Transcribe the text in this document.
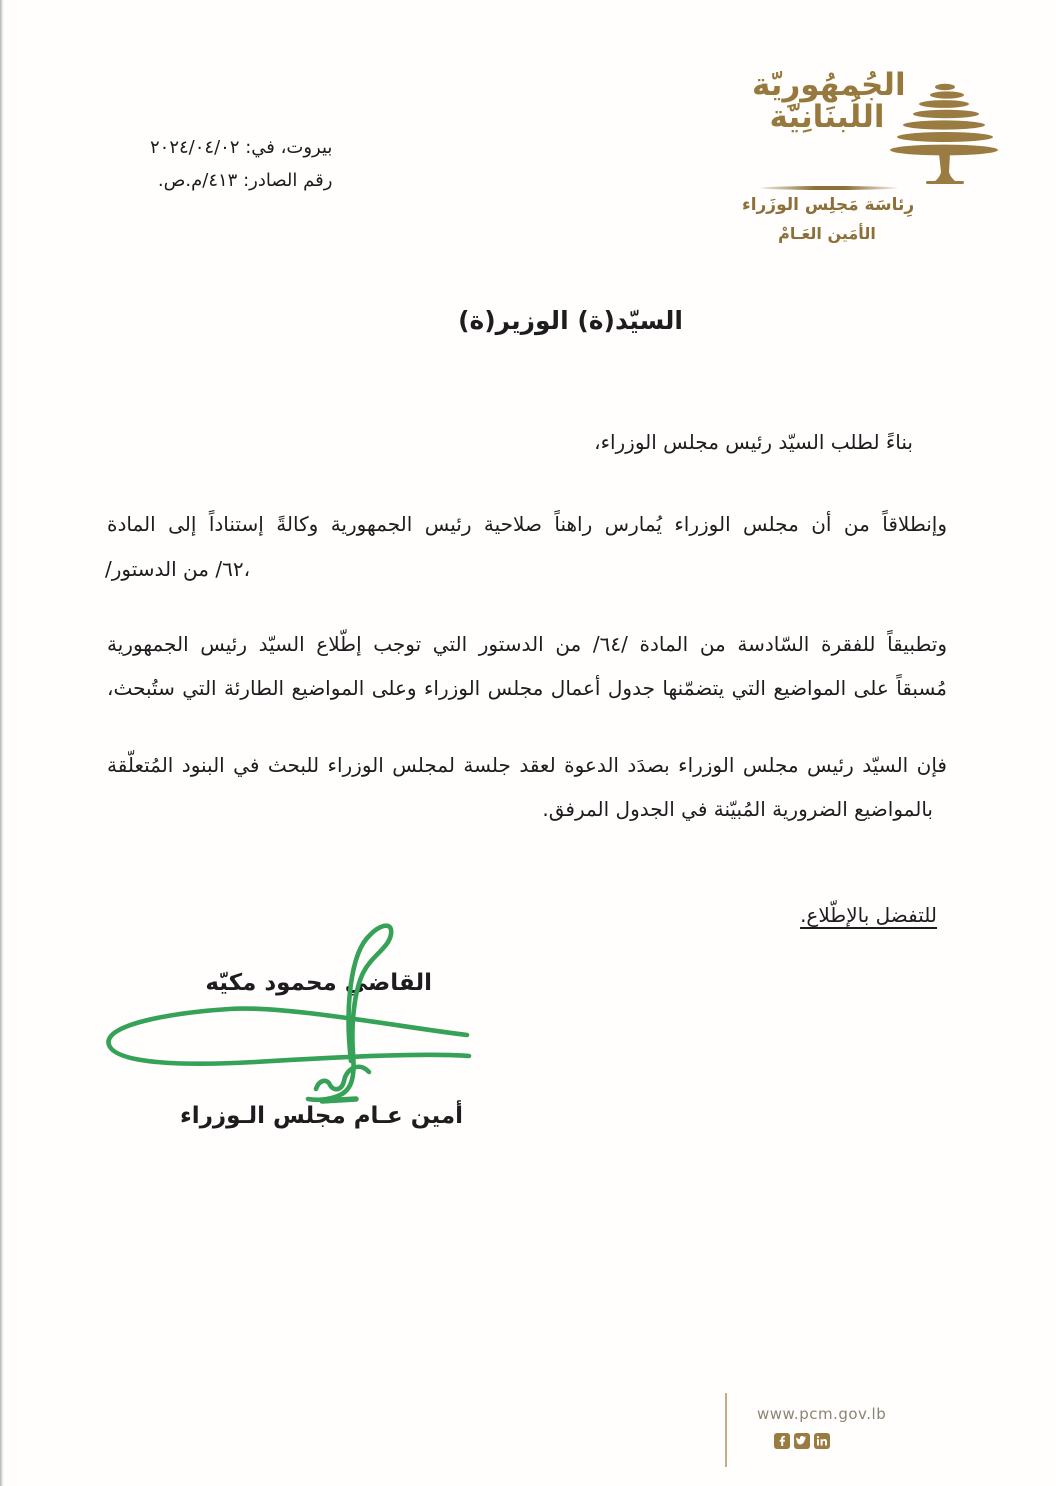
الجُمهُورِيّة
اللُبنَانِيّة
رِئاسَة مَجلِس الوزَراء
الأمَين العَـامْ
بيروت، في: ٢٠٢٤/٠٤/٠٢
رقم الصادر: ٤١٣/م.ص.
السيّد(ة) الوزير(ة)
بناءً لطلب السيّد رئيس مجلس الوزراء،
وإنطلاقاً من أن مجلس الوزراء يُمارس راهناً صلاحية رئيس الجمهورية وكالةً إستناداً إلى المادة
/٦٢/ من الدستور،
وتطبيقاً للفقرة السّادسة من المادة /٦٤/ من الدستور التي توجب إطّلاع السيّد رئيس الجمهورية
مُسبقاً على المواضيع التي يتضمّنها جدول أعمال مجلس الوزراء وعلى المواضيع الطارئة التي ستُبحث،
فإن السيّد رئيس مجلس الوزراء بصدَد الدعوة لعقد جلسة لمجلس الوزراء للبحث في البنود المُتعلّقة
بالمواضيع الضرورية المُبيّنة في الجدول المرفق.
للتفضل بالإطّلاع.
القاضي محمود مكيّه
أمين عـام مجلس الـوزراء
www.pcm.gov.lb
